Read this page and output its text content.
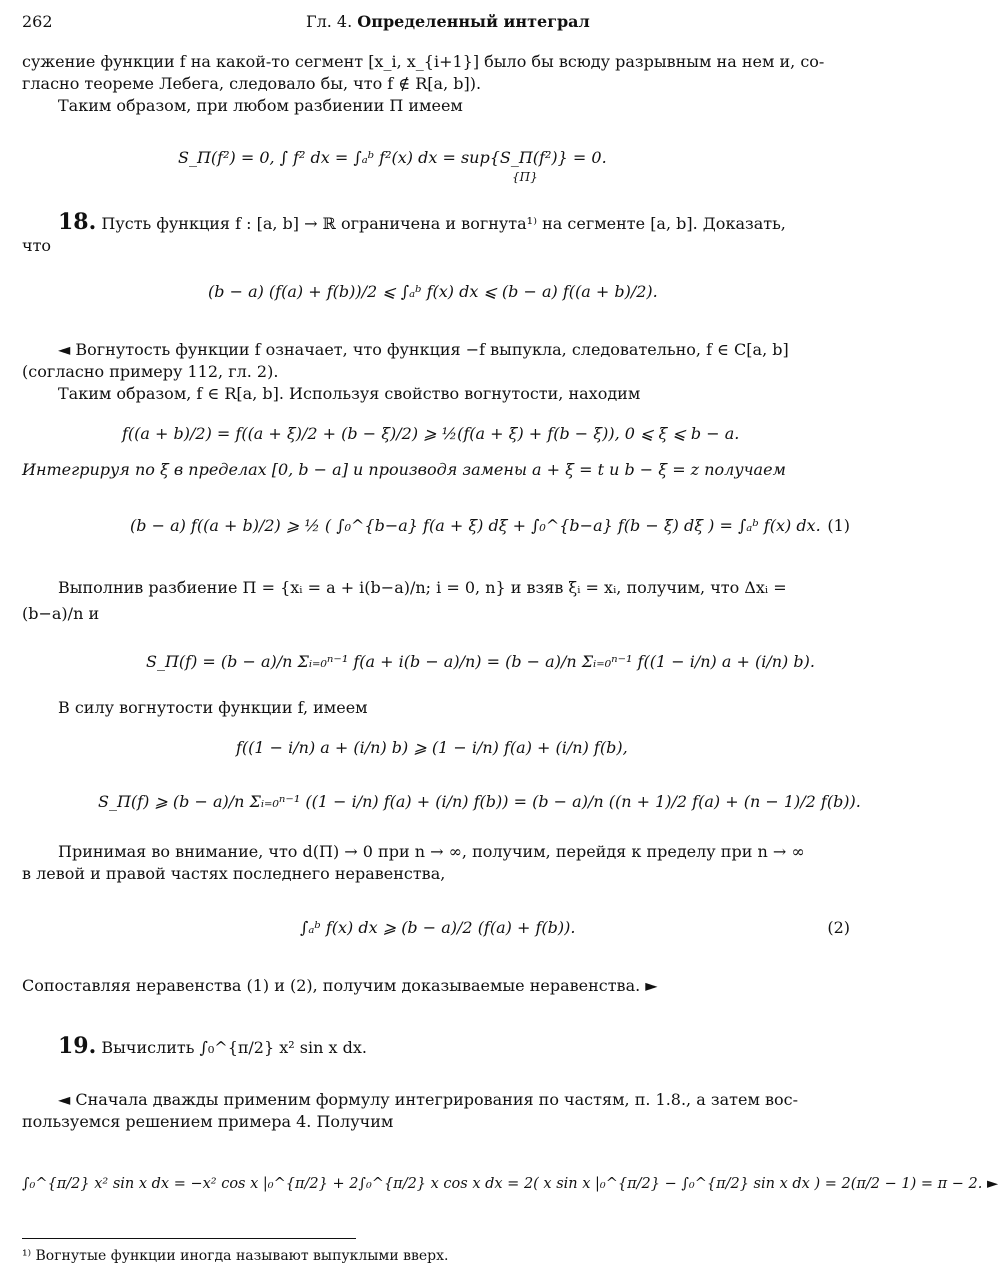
262	Гл. 4. Определенный интеграл
сужение функции f на какой-то сегмент [x_i, x_{i+1}] было бы всюду разрывным на нем и, со-
гласно теореме Лебега, следовало бы, что f ∉ R[a, b]).
Таким образом, при любом разбиении Π имеем
S_Π(f²) = 0, ∫ f² dx = ∫ₐᵇ f²(x) dx = sup{S_Π(f²)} = 0.
{Π}
18. Пусть функция f : [a, b] → ℝ ограничена и вогнута¹⁾ на сегменте [a, b]. Доказать,
что
(b − a) (f(a) + f(b))/2 ⩽ ∫ₐᵇ f(x) dx ⩽ (b − a) f((a + b)/2).
◄ Вогнутость функции f означает, что функция −f выпукла, следовательно, f ∈ C[a, b]
(согласно примеру 112, гл. 2).
Таким образом, f ∈ R[a, b]. Используя свойство вогнутости, находим
f((a + b)/2) = f((a + ξ)/2 + (b − ξ)/2) ⩾ ½(f(a + ξ) + f(b − ξ)), 0 ⩽ ξ ⩽ b − a.
Интегрируя по ξ в пределах [0, b − a] и производя замены a + ξ = t и b − ξ = z получаем
(b − a) f((a + b)/2) ⩾ ½ ( ∫₀^{b−a} f(a + ξ) dξ + ∫₀^{b−a} f(b − ξ) dξ ) = ∫ₐᵇ f(x) dx. (1)
Выполнив разбиение Π = {xᵢ = a + i(b−a)/n; i = 0, n} и взяв ξᵢ = xᵢ, получим, что Δxᵢ =
(b−a)/n и
S_Π(f) = (b − a)/n Σᵢ₌₀ⁿ⁻¹ f(a + i(b − a)/n) = (b − a)/n Σᵢ₌₀ⁿ⁻¹ f((1 − i/n) a + (i/n) b).
В силу вогнутости функции f, имеем
f((1 − i/n) a + (i/n) b) ⩾ (1 − i/n) f(a) + (i/n) f(b),
S_Π(f) ⩾ (b − a)/n Σᵢ₌₀ⁿ⁻¹ ((1 − i/n) f(a) + (i/n) f(b)) = (b − a)/n ((n + 1)/2 f(a) + (n − 1)/2 f(b)).
Принимая во внимание, что d(Π) → 0 при n → ∞, получим, перейдя к пределу при n → ∞
в левой и правой частях последнего неравенства,
∫ₐᵇ f(x) dx ⩾ (b − a)/2 (f(a) + f(b)).	(2)
Сопоставляя неравенства (1) и (2), получим доказываемые неравенства. ►
19. Вычислить ∫₀^{π/2} x² sin x dx.
◄ Сначала дважды применим формулу интегрирования по частям, п. 1.8., а затем вос-
пользуемся решением примера 4. Получим
∫₀^{π/2} x² sin x dx = −x² cos x |₀^{π/2} + 2∫₀^{π/2} x cos x dx = 2( x sin x |₀^{π/2} − ∫₀^{π/2} sin x dx ) = 2(π/2 − 1) = π − 2. ►
¹⁾ Вогнутые функции иногда называют выпуклыми вверх.
